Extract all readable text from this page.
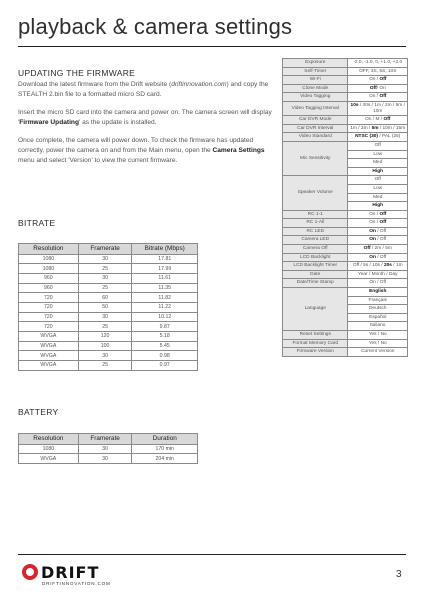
playback & camera settings
UPDATING THE FIRMWARE

Download the latest firmware from the Drift website (driftinnovation.com) and copy the STEALTH 2.bin file to a formatted micro SD card.

Insert the micro SD card into the camera and power on. The camera screen will display 'Firmware Updating' as the update is installed.

Once complete, the camera will power down. To check the firmware has updated correctly, power the camera on and from the Main menu, open the Camera Settings menu and select 'Version' to view the current firmware.

BITRATE
Resolution	Framerate	Bitrate (Mbps)
1080	30	17.81
1080	25	17.99
960	30	11.61
960	25	11.35
720	60	11.82
720	50	11.22
720	30	10.12
720	25	9.87
WVGA	120	5.18
WVGA	100	5.45
WVGA	30	0.98
WVGA	25	0.97
BATTERY
Resolution	Framerate	Duration
1080	30	170 min
WVGA	30	204 min
Exposure	-2.0, -1.0, 0, +1.0, +2.0
Self-Timer	OFF, 3S, 5S, 10S
Wi-Fi	On / Off
Clone Mode	Off/ On
Video Tagging	On / Off
Video Tagging Interval	10s / 30s / 1m / 2m / 5m / 10m
Car DVR Mode	On / M / Off
Car DVR Interval	1m / 3m / 5m / 10m / 15m
Video Standard	NTSC (30) / PAL (25)
Mic Sensitivity	Off
	Low
	Med
	High
Speaker Volume	Off
	Low
	Med
	High
RC 1-1	On / Off
RC 1-All	On / Off
RC LED	On / Off
Camera LED	On / Off
Camera Off	Off / 2m / 5m
LCD Backlight	On / Off
LCD Backlight Timer	Off / 5s / 10s / 20s / 1m
Date	Year / Month / Day
Date/Time Stamp	On / Off
Language	English
	Français
	Deutsch
	Español
	Italiano
Reset Settings	Yes / No
Format Memory Card	Yes / No
Firmware Version	Current Version
DRIFT
DRIFTINNOVATION.COM
3
